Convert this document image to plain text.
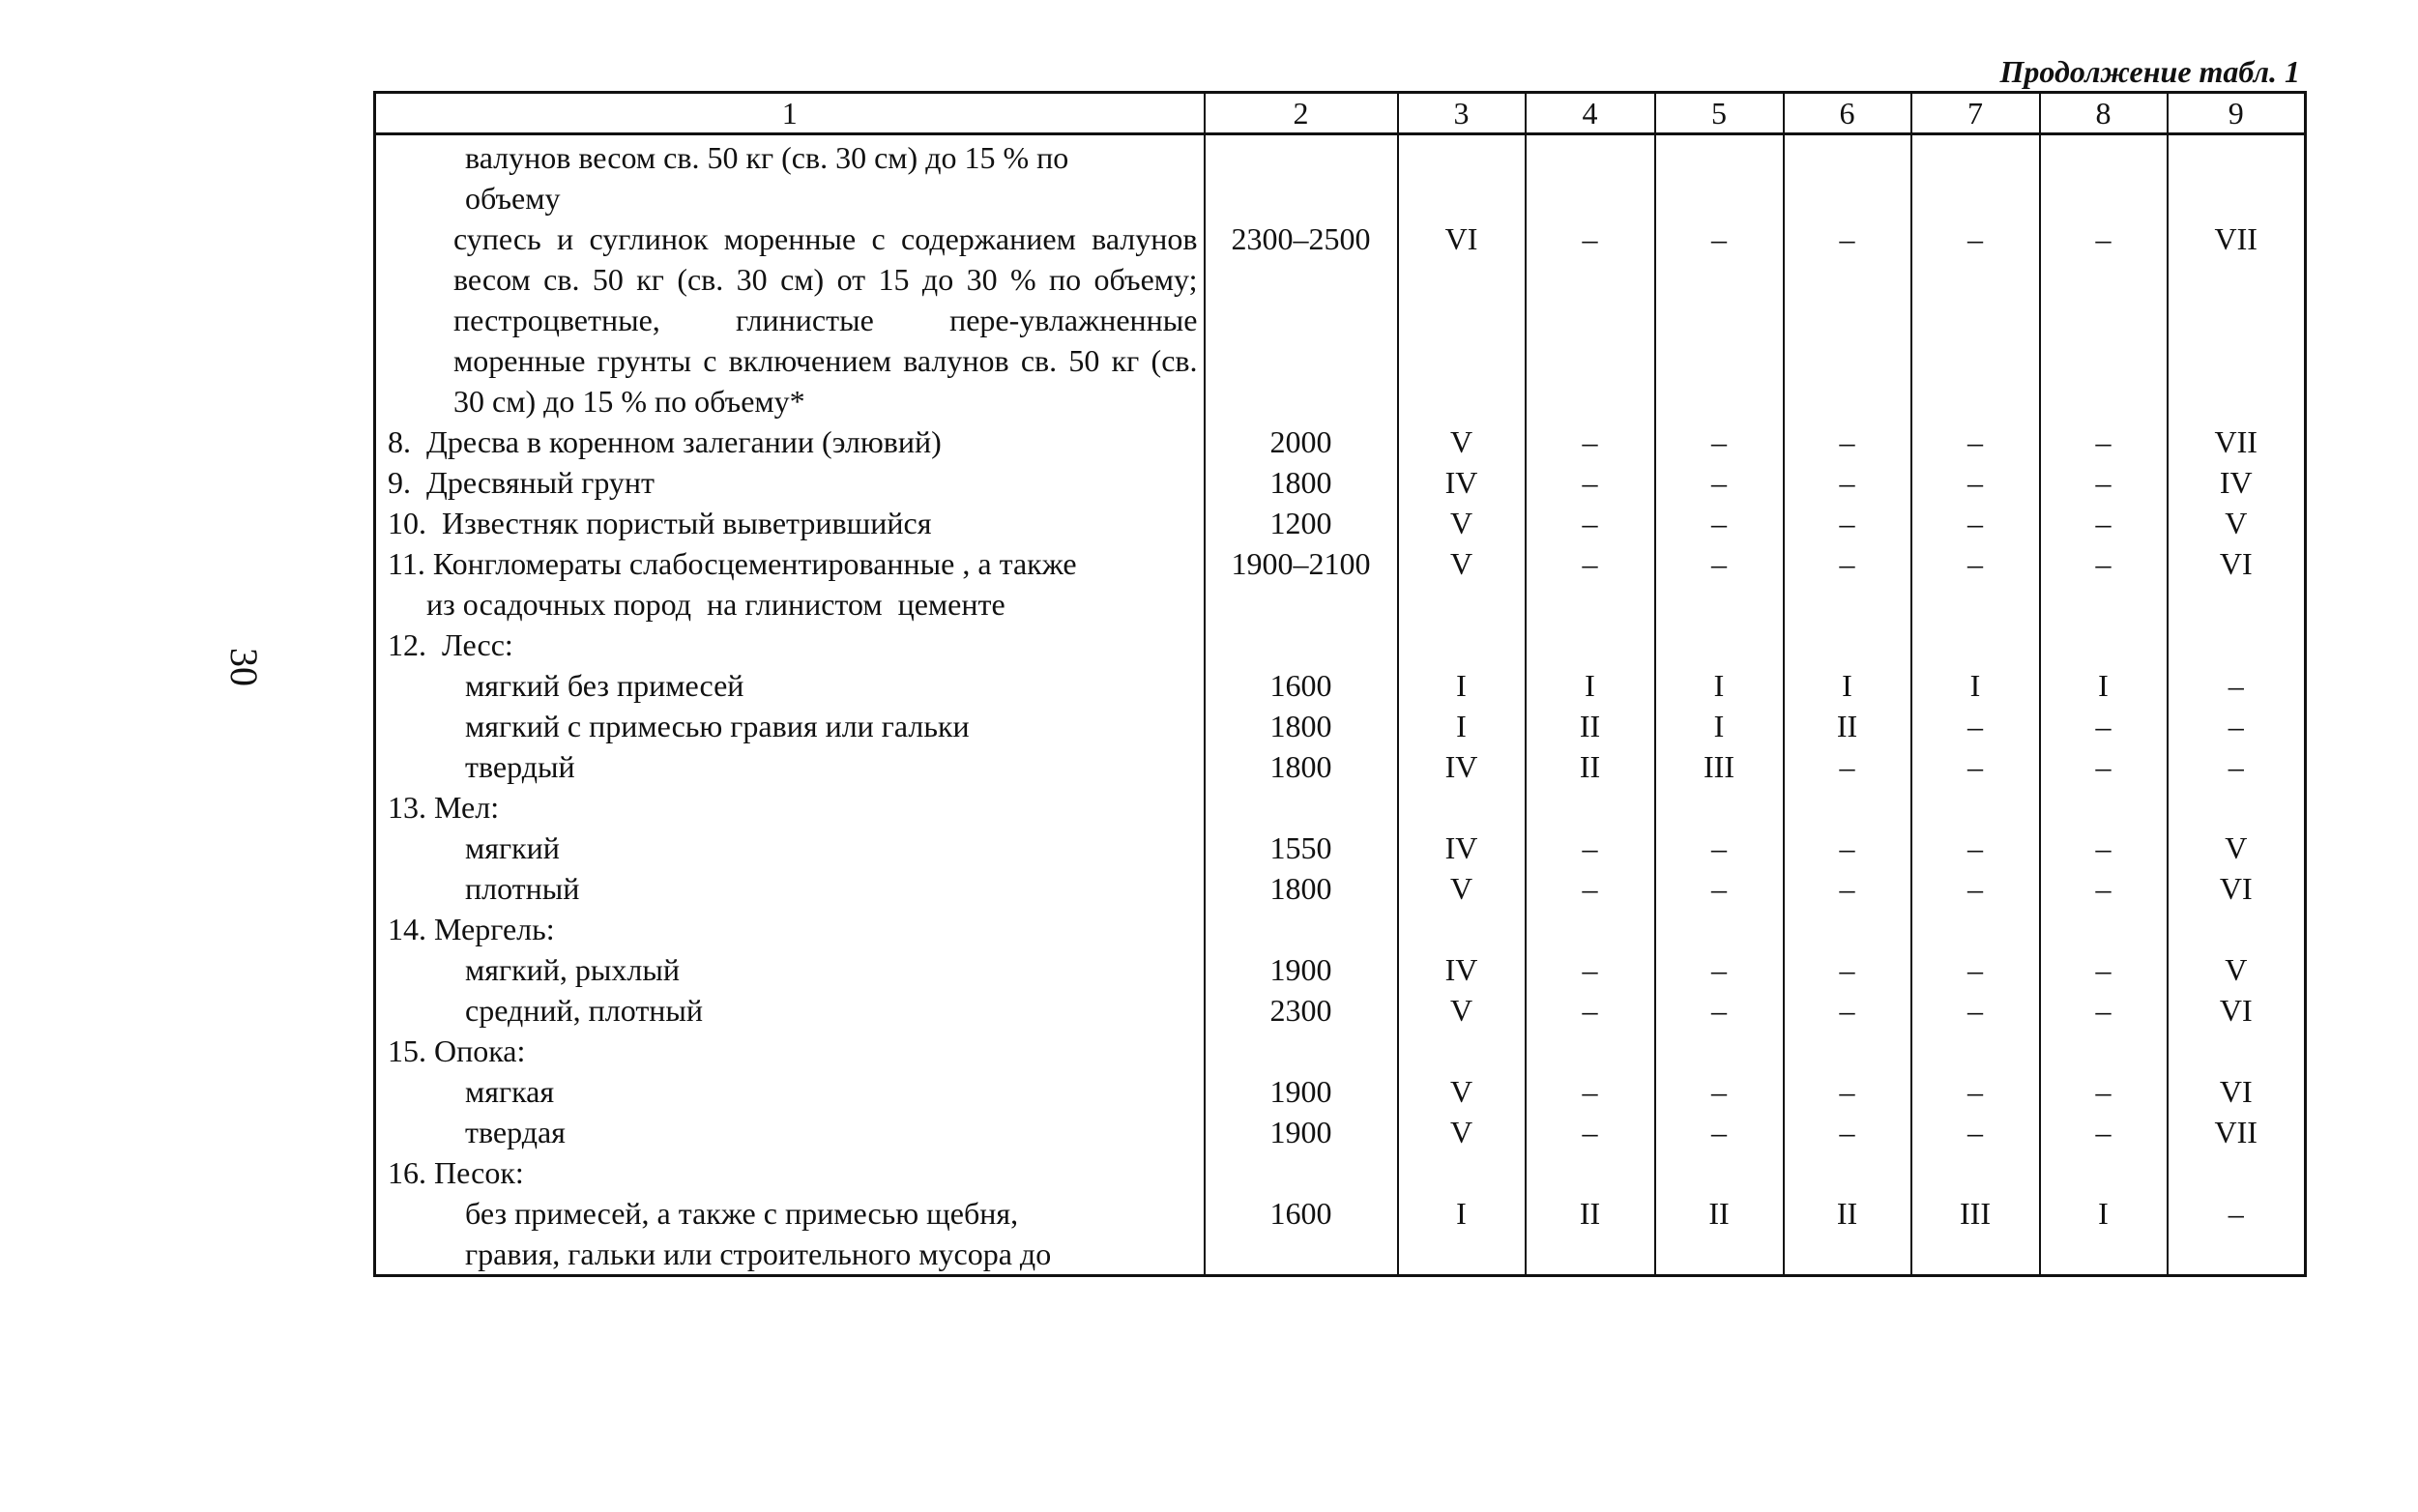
30
Продолжение табл. 1
1	2	3	4	5	6	7	8	9

валунов весом св. 50 кг (св. 30 см) до 15 % по
объему								

супесь и суглинок моренные с содержанием валунов весом св. 50 кг (св. 30 см) от 15 до 30 % по объему; пестроцветные, глинистые пере-увлажненные моренные грунты с включением валунов св. 50 кг (св. 30 см) до 15 % по объему*	2300–2500	VI	–	–	–	–	–	VII

8.  Дресва в коренном залегании (элювий)	2000	V	–	–	–	–	–	VII

9.  Дресвяный грунт	1800	IV	–	–	–	–	–	IV

10.  Известняк пористый выветрившийся	1200	V	–	–	–	–	–	V

11. Конгломераты слабосцементированные , а также
из осадочных пород  на глинистом  цементе	1900–2100	V	–	–	–	–	–	VI

12.  Лесс:								

мягкий без примесей	1600	I	I	I	I	I	I	–

мягкий с примесью гравия или гальки	1800	I	II	I	II	–	–	–

твердый	1800	IV	II	III	–	–	–	–

13. Мел:								

мягкий	1550	IV	–	–	–	–	–	V

плотный	1800	V	–	–	–	–	–	VI

14. Мергель:								

мягкий, рыхлый	1900	IV	–	–	–	–	–	V

средний, плотный	2300	V	–	–	–	–	–	VI

15. Опока:								

мягкая	1900	V	–	–	–	–	–	VI

твердая	1900	V	–	–	–	–	–	VII

16. Песок:								

без примесей, а также с примесью щебня,
гравия, гальки или строительного мусора до	1600	I	II	II	II	III	I	–
